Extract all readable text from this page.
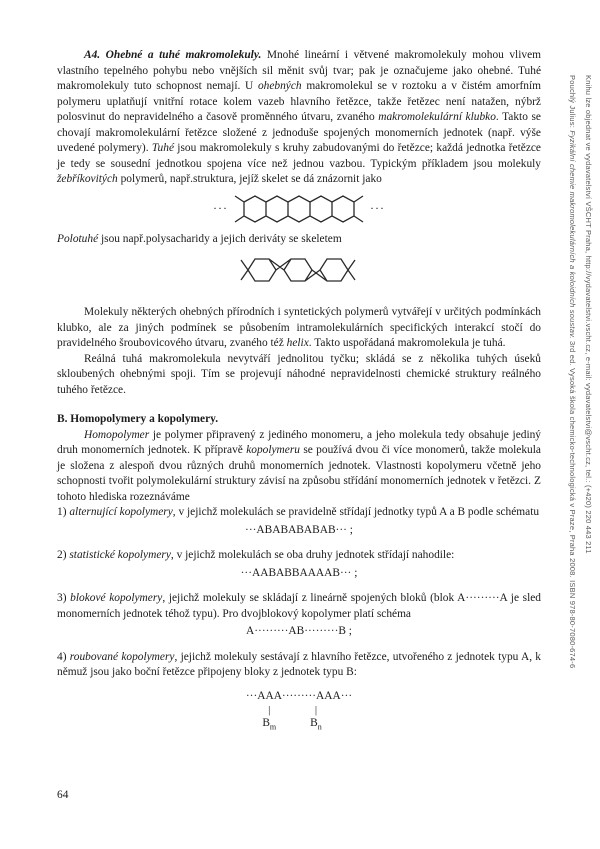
A4. Ohebné a tuhé makromolekuly. Mnohé lineární i větvené makromolekuly mohou vlivem vlastního tepelného pohybu nebo vnějších sil měnit svůj tvar; pak je označujeme jako ohebné. Tuhé makromolekuly tuto schopnost nemají. U ohebných makromolekul se v roztoku a v čistém amorfním polymeru uplatňují vnitřní rotace kolem vazeb hlavního řetězce, takže řetězec není natažen, nýbrž polosvinut do nepravidelného a časově proměnného útvaru, zvaného makromolekulární klubko. Takto se chovají makromolekulární řetězce složené z jednoduše spojených monomerních jednotek (např. výše uvedené polymery). Tuhé jsou makromolekuly s kruhy zabudovanými do řetězce; každá jednotka řetězce je tedy se sousední jednotkou spojena více než jednou vazbou. Typickým příkladem jsou molekuly žebříkovitých polymerů, např.struktura, jejíž skelet se dá znázornit jako

···	···

Polotuhé jsou např.polysacharidy a jejich deriváty se skeletem

Molekuly některých ohebných přírodních i syntetických polymerů vytvářejí v určitých podmínkách klubko, ale za jiných podmínek se působením intramolekulárních specifických interakcí stočí do pravidelného šroubovicového útvaru, zvaného též helix. Takto uspořádaná makromolekula je tuhá.

Reálná tuhá makromolekula nevytváří jednolitou tyčku; skládá se z několika tuhých úseků skloubených ohebnými spoji. Tím se projevují náhodné nepravidelnosti chemické struktury reálného tuhého řetězce.

B. Homopolymery a kopolymery.

Homopolymer je polymer připravený z jediného monomeru, a jeho molekula tedy obsahuje jediný druh monomerních jednotek. K přípravě kopolymeru se používá dvou či více monomerů, takže molekula je složena z alespoň dvou různých druhů monomerních jednotek. Vlastnosti kopolymeru včetně jeho schopnosti tvořit polymolekulární struktury závisí na způsobu střídání monomerních jednotek v řetězci. Z tohoto hlediska rozeznáváme

1) alternující kopolymery, v jejichž molekulách se pravidelně střídají jednotky typů A a B podle schématu

···ABABABABAB··· ;

2) statistické kopolymery, v jejichž molekulách se oba druhy jednotek střídají nahodile:

···AABABBAAAAB··· ;

3) blokové kopolymery, jejichž molekuly se skládají z lineárně spojených bloků (blok A·········A je sled monomerních jednotek téhož typu). Pro dvojblokový kopolymer platí schéma

A·········AB·········B ;

4) roubované kopolymery, jejichž molekuly sestávají z hlavního řetězce, utvořeného z jednotek typu A, k němuž jsou jako boční řetězce připojeny bloky z jednotek typu B:

···AAA·········AAA···
|
$B_m$
|
$B_n$
64
Pouchlý Julius: Fyzikální chemie makromolekulárních a koloidních soustav. 3rd ed. Vysoká škola chemicko-technologická v Praze, Praha 2008. ISBN 978-80-7080-674-6 Knihu lze objednat ve vydavatelství VŠCHT Praha, http://vydavatelstvi.vscht.cz, e-mail: vydavatelstvi@vscht.cz, tel.: (+420) 220 443 211
